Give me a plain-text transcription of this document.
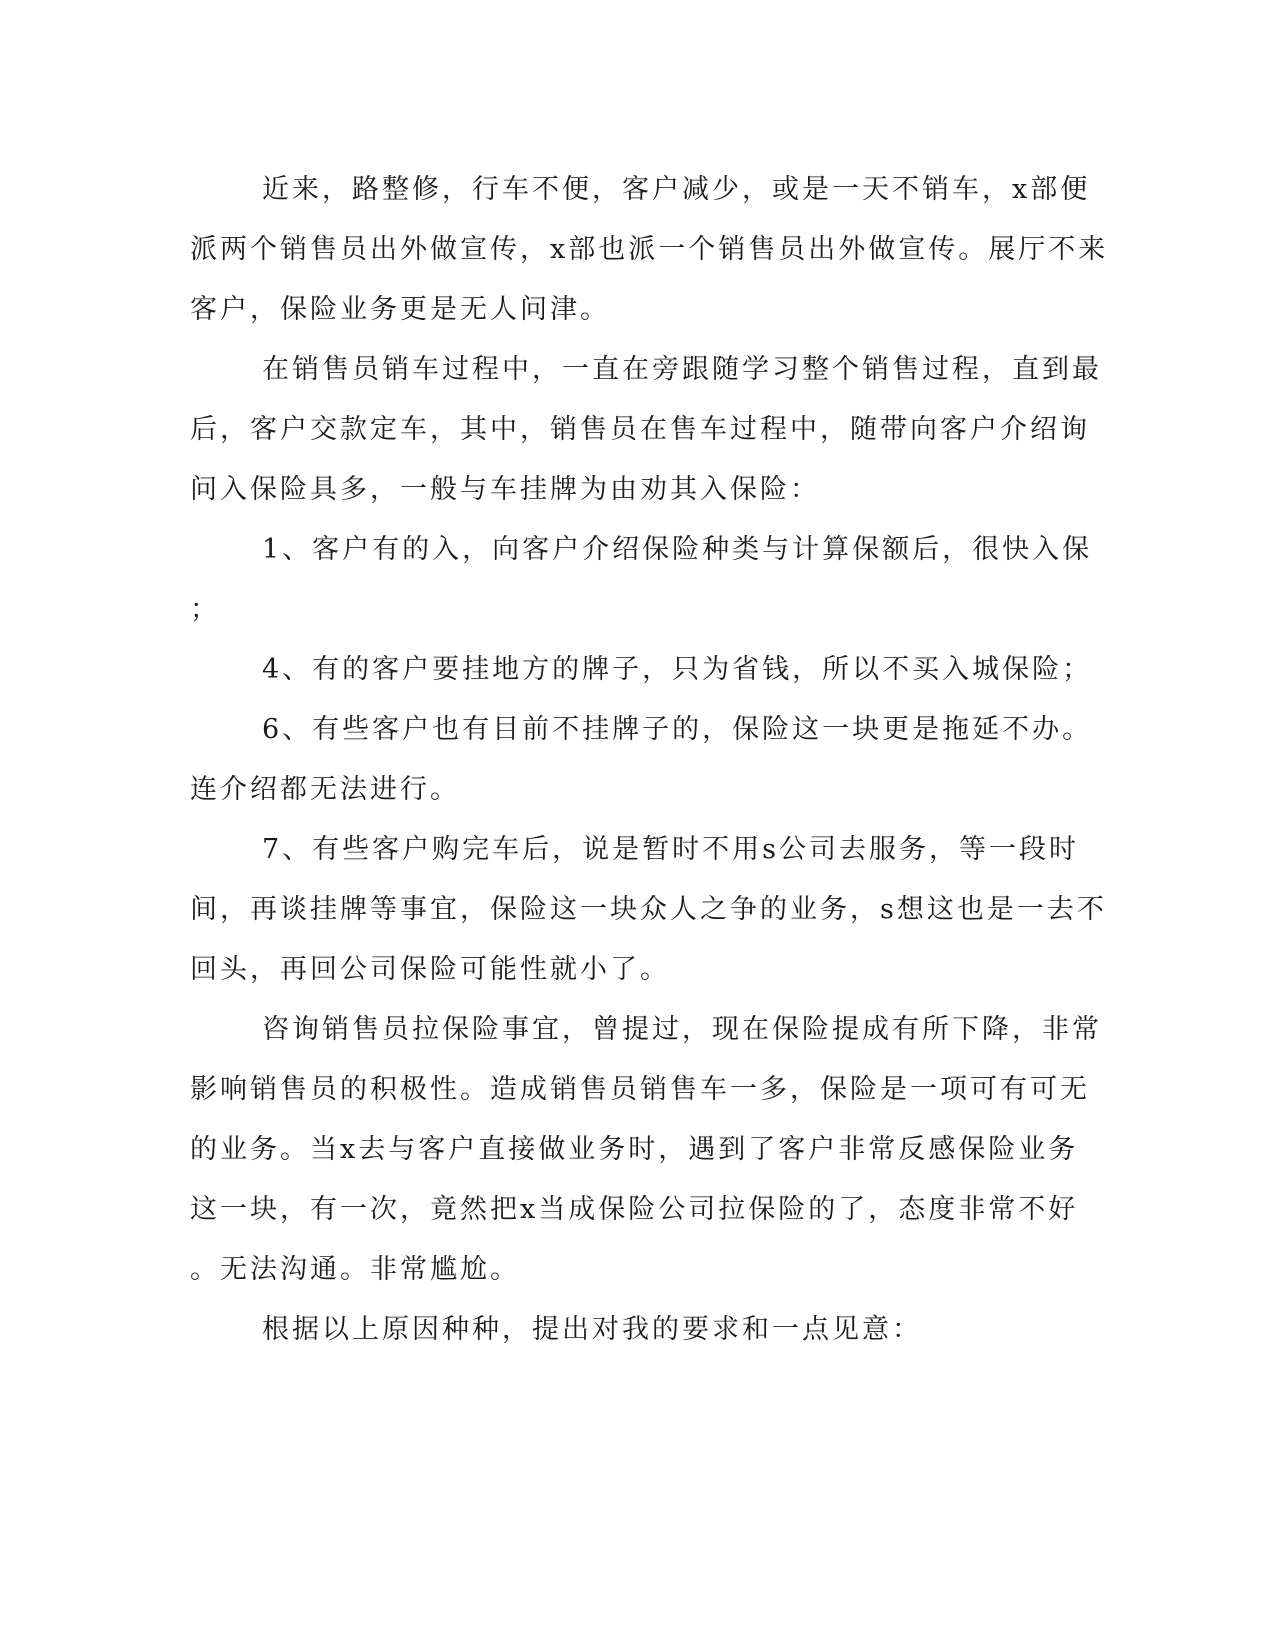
近来，路整修，行车不便，客户减少，或是一天不销车，x部便
派两个销售员出外做宣传，x部也派一个销售员出外做宣传。展厅不来
客户，保险业务更是无人问津。
在销售员销车过程中，一直在旁跟随学习整个销售过程，直到最
后，客户交款定车，其中，销售员在售车过程中，随带向客户介绍询
问入保险具多，一般与车挂牌为由劝其入保险：
1、客户有的入，向客户介绍保险种类与计算保额后，很快入保
；
4、有的客户要挂地方的牌子，只为省钱，所以不买入城保险；
6、有些客户也有目前不挂牌子的，保险这一块更是拖延不办。
连介绍都无法进行。
7、有些客户购完车后，说是暂时不用s公司去服务，等一段时
间，再谈挂牌等事宜，保险这一块众人之争的业务，s想这也是一去不
回头，再回公司保险可能性就小了。
咨询销售员拉保险事宜，曾提过，现在保险提成有所下降，非常
影响销售员的积极性。造成销售员销售车一多，保险是一项可有可无
的业务。当x去与客户直接做业务时，遇到了客户非常反感保险业务
这一块，有一次，竟然把x当成保险公司拉保险的了，态度非常不好
。无法沟通。非常尴尬。
根据以上原因种种，提出对我的要求和一点见意：
